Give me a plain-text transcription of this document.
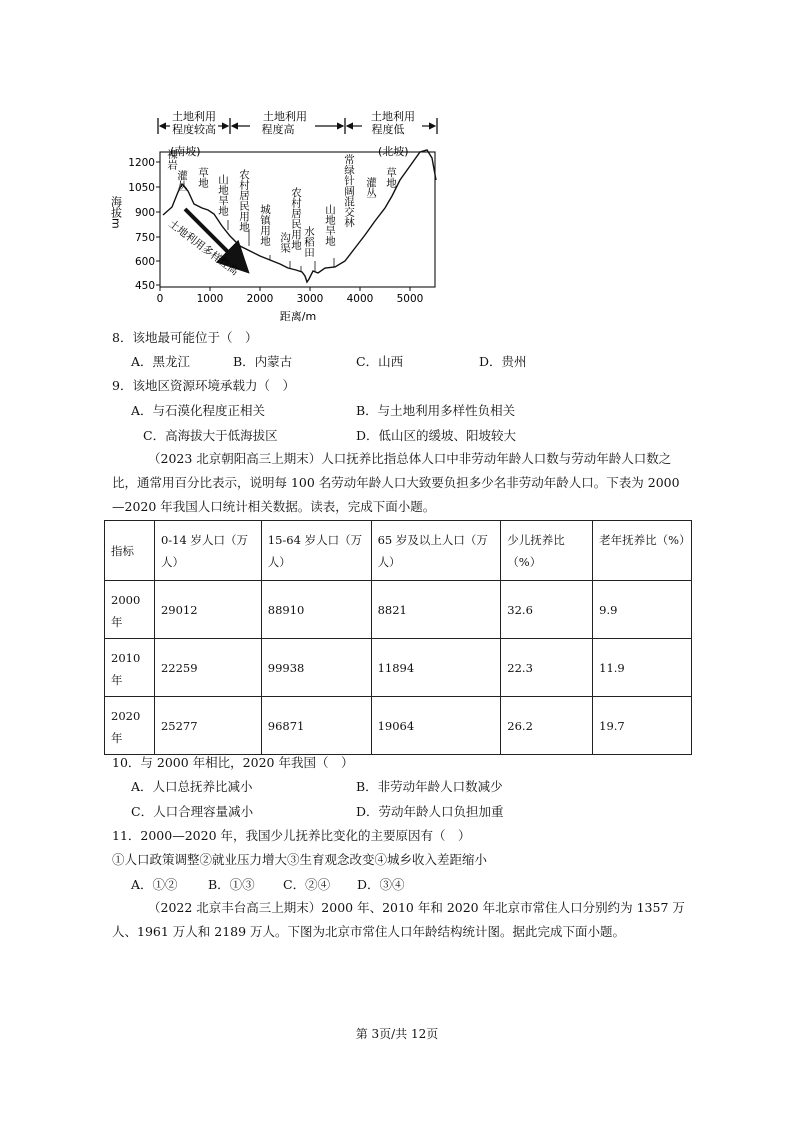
土地利用
程度较高
土地利用
程度高
土地利用
程度低
(南坡)	(北坡)
1200
1050
900
750
600
450
海拔m
0	1000 2000 3000 4000 5000
距离/m
土地利用多样性高
裸岩
灌丛 草地 山地旱地 农村居民用地 城镇用地 沟渠 农村居民用地 水稻田 山地旱地 常绿针阔混交林 灌丛 草地
8．该地最可能位于（　）
A．黑龙江	B．内蒙古	C．山西	D．贵州
9．该地区资源环境承载力（　）
A．与石漠化程度正相关	B．与土地利用多样性负相关
C．高海拔大于低海拔区	D．低山区的缓坡、阳坡较大
（2023 北京朝阳高三上期末）人口抚养比指总体人口中非劳动年龄人口数与劳动年龄人口数之比，通常用百分比表示，说明每 100 名劳动年龄人口大致要负担多少名非劳动年龄人口。下表为 2000—2020 年我国人口统计相关数据。读表，完成下面小题。
指标	0-14 岁人口（万人）	15-64 岁人口（万人）	65 岁及以上人口（万人）	少儿抚养比（%）	老年抚养比（%）
2000 年	29012	88910	8821	32.6	9.9
2010 年	22259	99938	11894	22.3	11.9
2020 年	25277	96871	19064	26.2	19.7
10．与 2000 年相比，2020 年我国（　）
A．人口总抚养比减小	B．非劳动年龄人口数减少
C．人口合理容量减小	D．劳动年龄人口负担加重
11．2000—2020 年，我国少儿抚养比变化的主要原因有（　）
①人口政策调整②就业压力增大③生育观念改变④城乡收入差距缩小
A．①② B．①③ C．②④ D．③④
（2022 北京丰台高三上期末）2000 年、2010 年和 2020 年北京市常住人口分别约为 1357 万人、1961 万人和 2189 万人。下图为北京市常住人口年龄结构统计图。据此完成下面小题。
第 3页/共 12页
